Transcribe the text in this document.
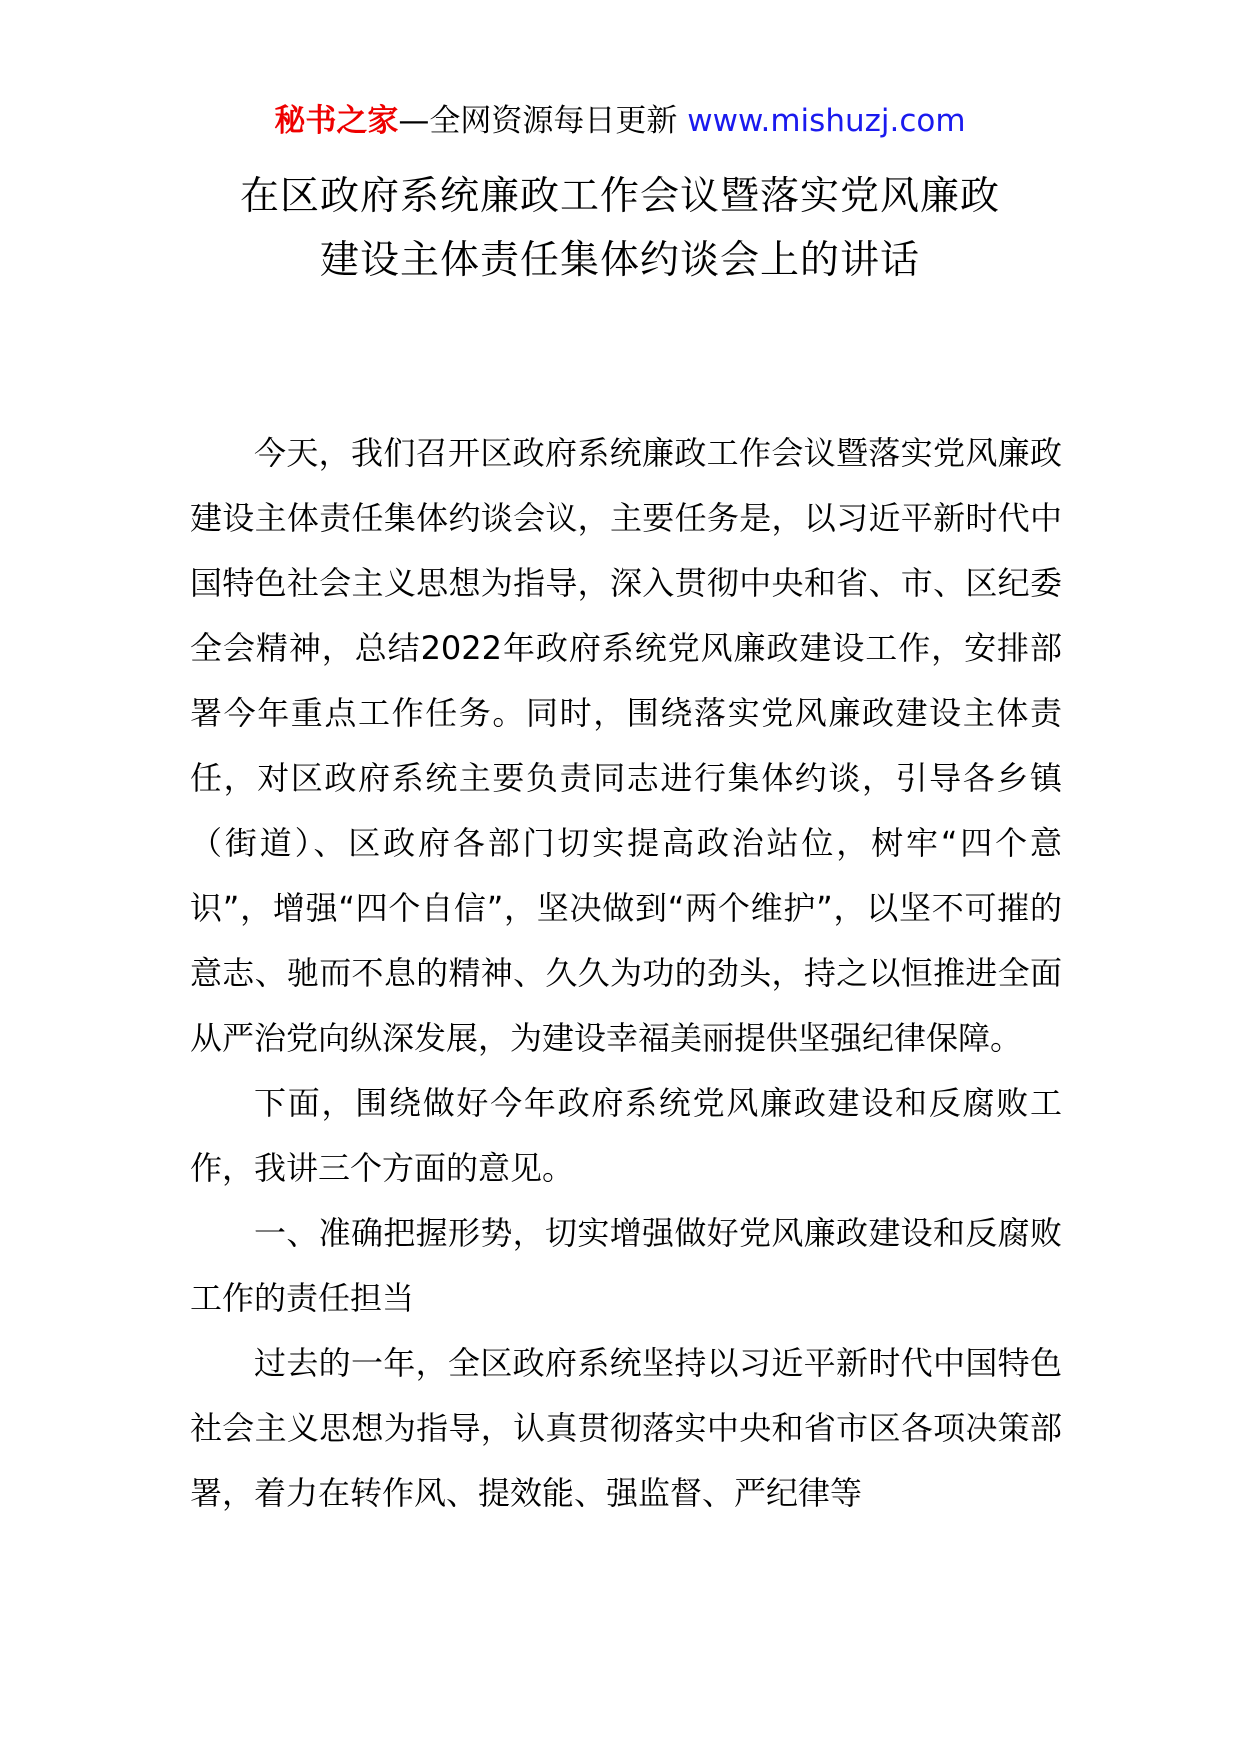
秘书之家—全网资源每日更新 www.mishuzj.com
在区政府系统廉政工作会议暨落实党风廉政
建设主体责任集体约谈会上的讲话

今天，我们召开区政府系统廉政工作会议暨落实党风廉政建设主体责任集体约谈会议，主要任务是，以习近平新时代中国特色社会主义思想为指导，深入贯彻中央和省、市、区纪委全会精神，总结2022年政府系统党风廉政建设工作，安排部署今年重点工作任务。同时，围绕落实党风廉政建设主体责任，对区政府系统主要负责同志进行集体约谈，引导各乡镇（街道）、区政府各部门切实提高政治站位，树牢“四个意识”，增强“四个自信”，坚决做到“两个维护”，以坚不可摧的意志、驰而不息的精神、久久为功的劲头，持之以恒推进全面从严治党向纵深发展，为建设幸福美丽提供坚强纪律保障。

下面，围绕做好今年政府系统党风廉政建设和反腐败工作，我讲三个方面的意见。

一、准确把握形势，切实增强做好党风廉政建设和反腐败工作的责任担当

过去的一年，全区政府系统坚持以习近平新时代中国特色社会主义思想为指导，认真贯彻落实中央和省市区各项决策部署，着力在转作风、提效能、强监督、严纪律等
